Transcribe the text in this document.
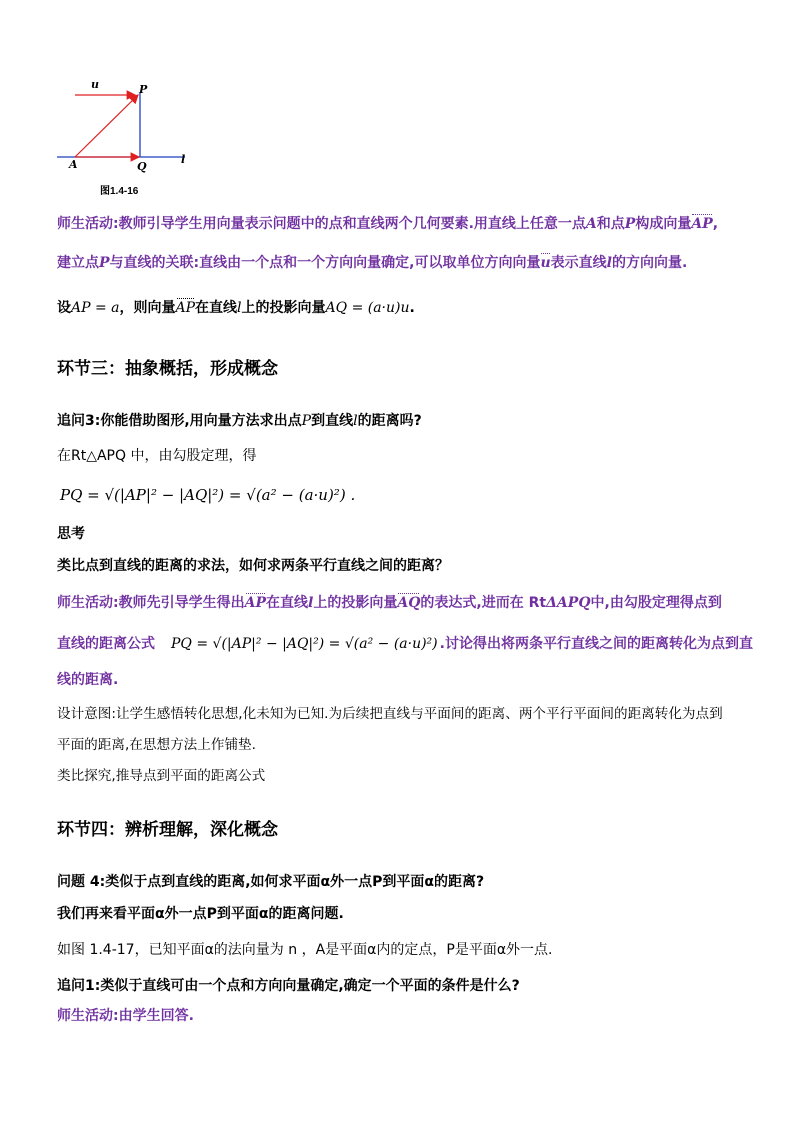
u	P
A	Q
l
图1.4-16
师生活动:教师引导学生用向量表示问题中的点和直线两个几何要素.用直线上任意一点A和点P构成向量AP,
建立点P与直线的关联:直线由一个点和一个方向向量确定,可以取单位方向向量u表示直线l的方向向量.
设AP = a，则向量AP在直线l上的投影向量AQ = (a·u)u.
环节三：抽象概括，形成概念
追问3:你能借助图形,用向量方法求出点P到直线l的距离吗?
在Rt△APQ 中，由勾股定理，得
PQ = √(|AP|² − |AQ|²) = √(a² − (a·u)²) .
思考
类比点到直线的距离的求法，如何求两条平行直线之间的距离？
师生活动:教师先引导学生得出AP在直线l上的投影向量AQ的表达式,进而在 RtΔAPQ中,由勾股定理得点到
直线的距离公式 PQ = √(|AP|² − |AQ|²) = √(a² − (a·u)²) .讨论得出将两条平行直线之间的距离转化为点到直
线的距离.
设计意图:让学生感悟转化思想,化未知为已知.为后续把直线与平面间的距离、两个平行平面间的距离转化为点到
平面的距离,在思想方法上作铺垫.
类比探究,推导点到平面的距离公式
环节四：辨析理解，深化概念
问题 4:类似于点到直线的距离,如何求平面α外一点P到平面α的距离?
我们再来看平面α外一点P到平面α的距离问题.
如图 1.4-17，已知平面α的法向量为 n ，A是平面α内的定点，P是平面α外一点.
追问1:类似于直线可由一个点和方向向量确定,确定一个平面的条件是什么?
师生活动:由学生回答.
